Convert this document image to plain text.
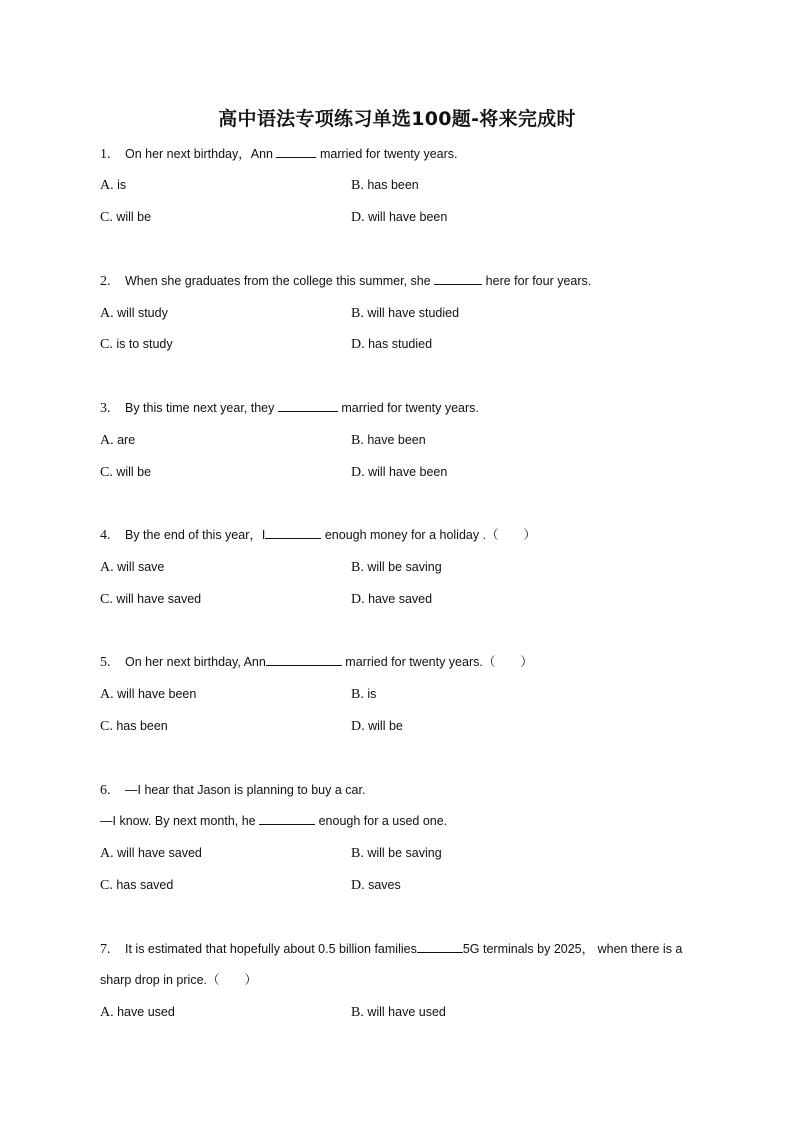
高中语法专项练习单选100题-将来完成时
1. On her next birthday，Ann	married for twenty years.
A. is	B. has been
C. will be	D. will have been
2. When she graduates from the college this summer, she	here for four years.
A. will study	B. will have studied
C. is to study	D. has studied
3. By this time next year, they	married for twenty years.
A. are	B. have been
C. will be	D. will have been
4. By the end of this year，I	enough money for a holiday .（　　）
A. will save	B. will be saving
C. will have saved	D. have saved
5. On her next birthday, Ann	married for twenty years.（　　）
A. will have been	B. is
C. has been	D. will be
6. —I hear that Jason is planning to buy a car.
—I know. By next month, he	enough for a used one.
A. will have saved	B. will be saving
C. has saved	D. saves
7. It is estimated that hopefully about 0.5 billion families	5G terminals by 2025， when there is a
sharp drop in price.（　　）
A. have used	B. will have used
